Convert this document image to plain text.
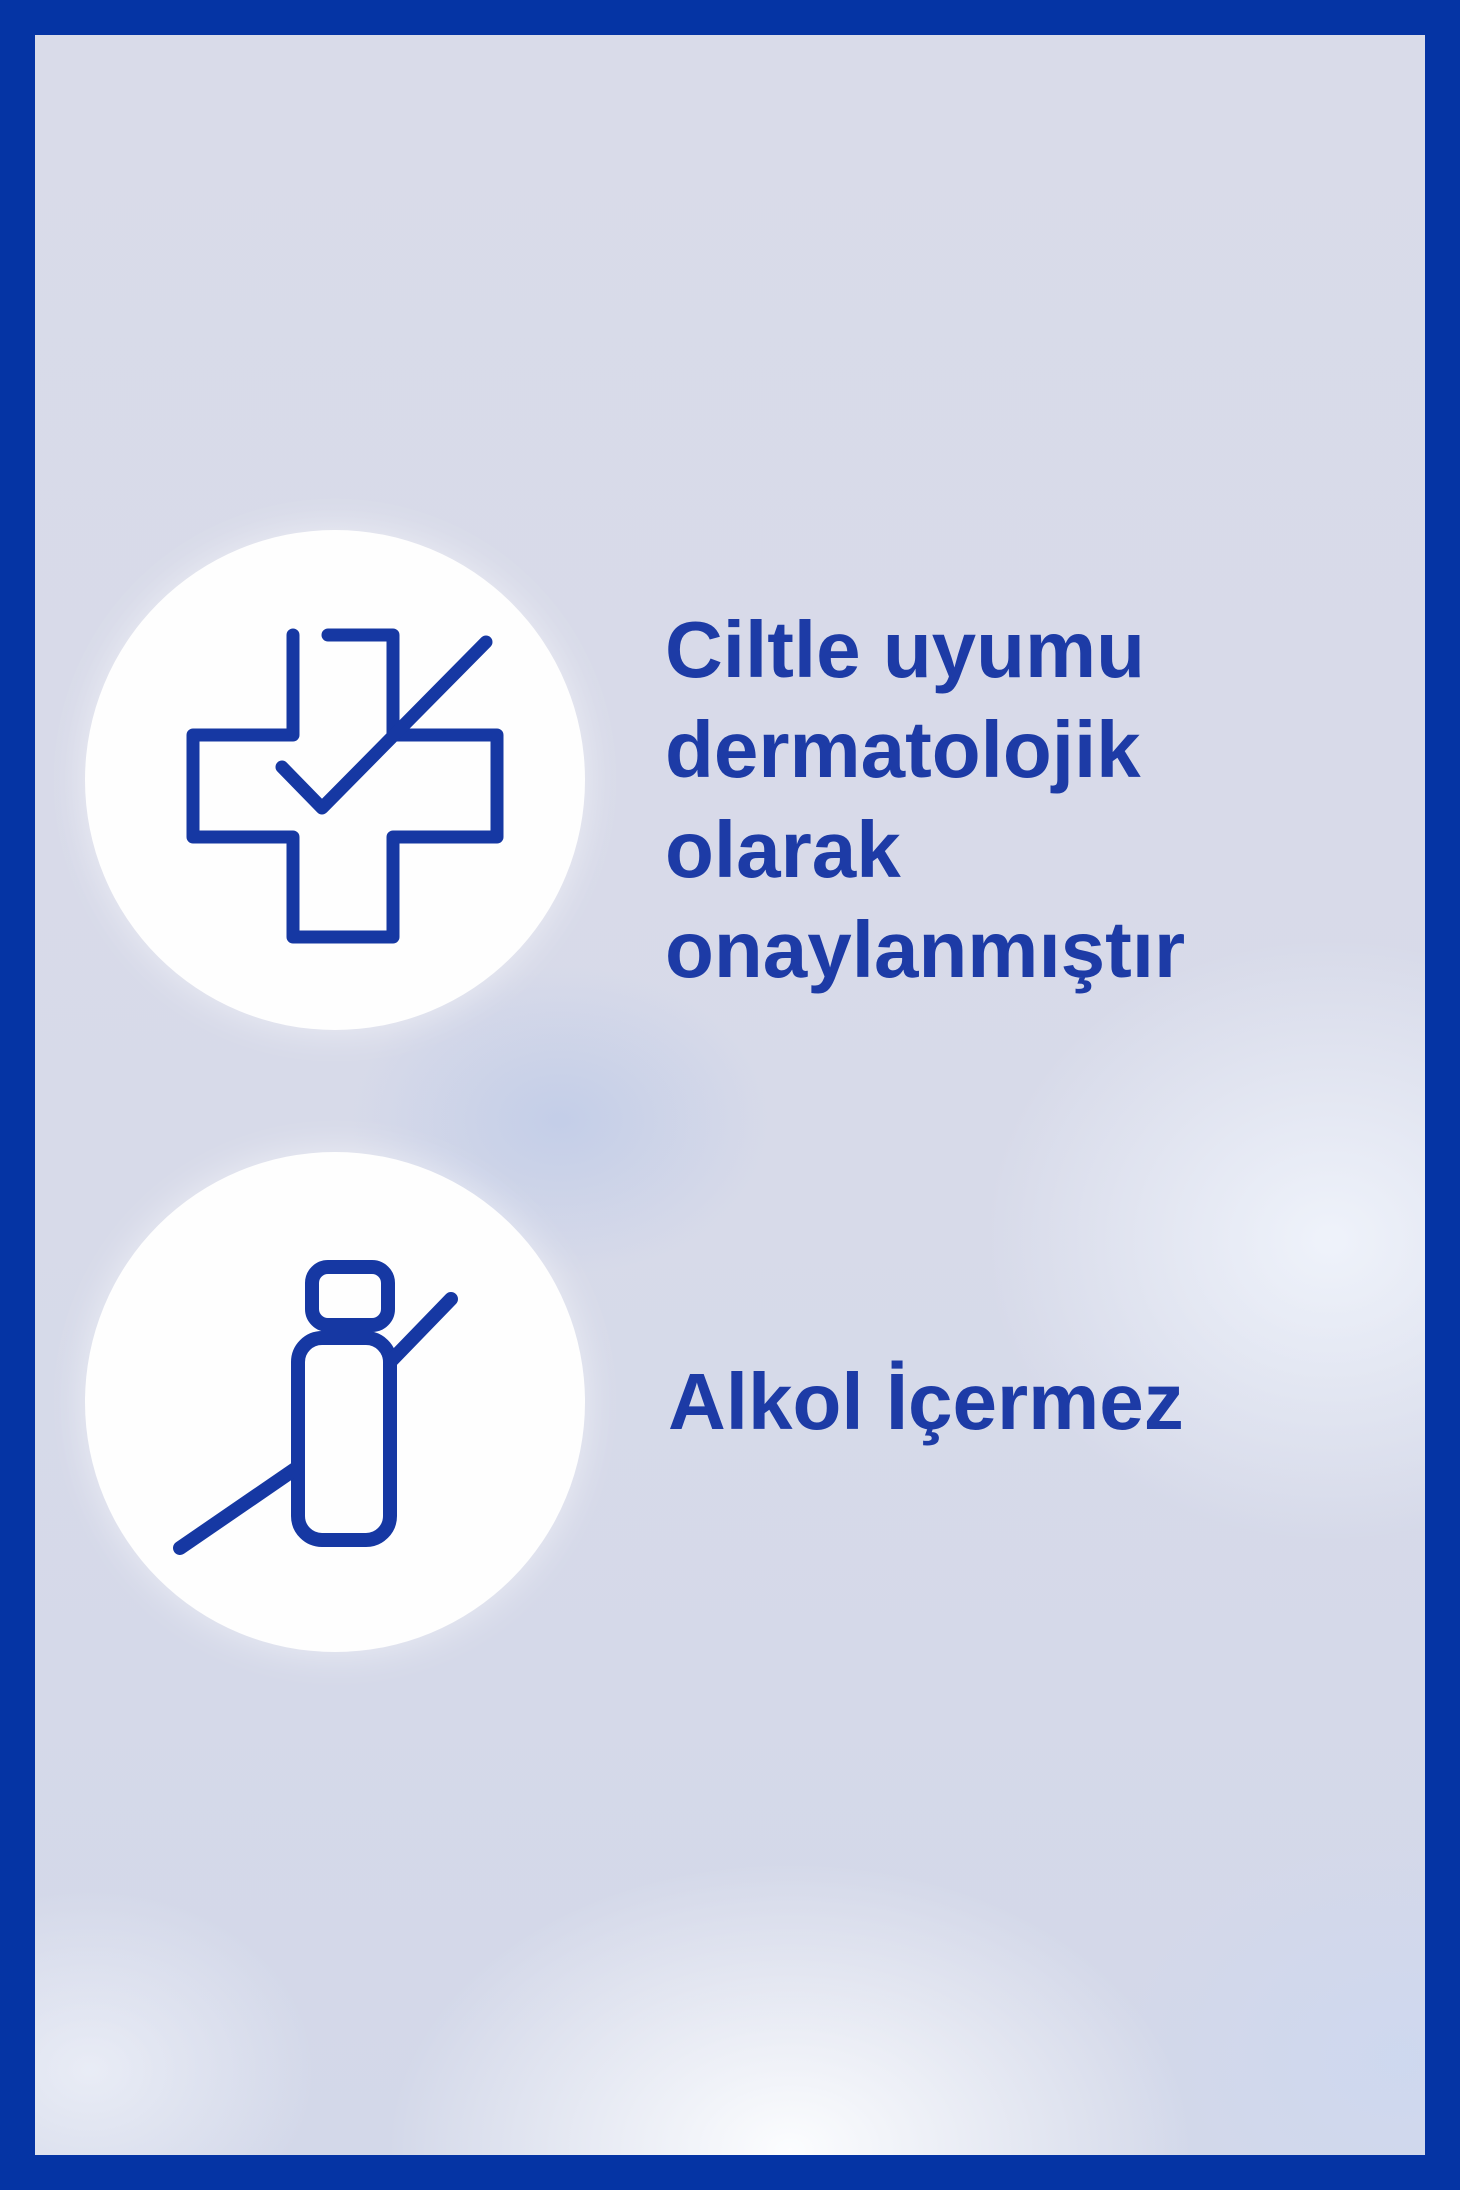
Ciltle uyumu
dermatolojik
olarak
onaylanmıştır
Alkol İçermez
